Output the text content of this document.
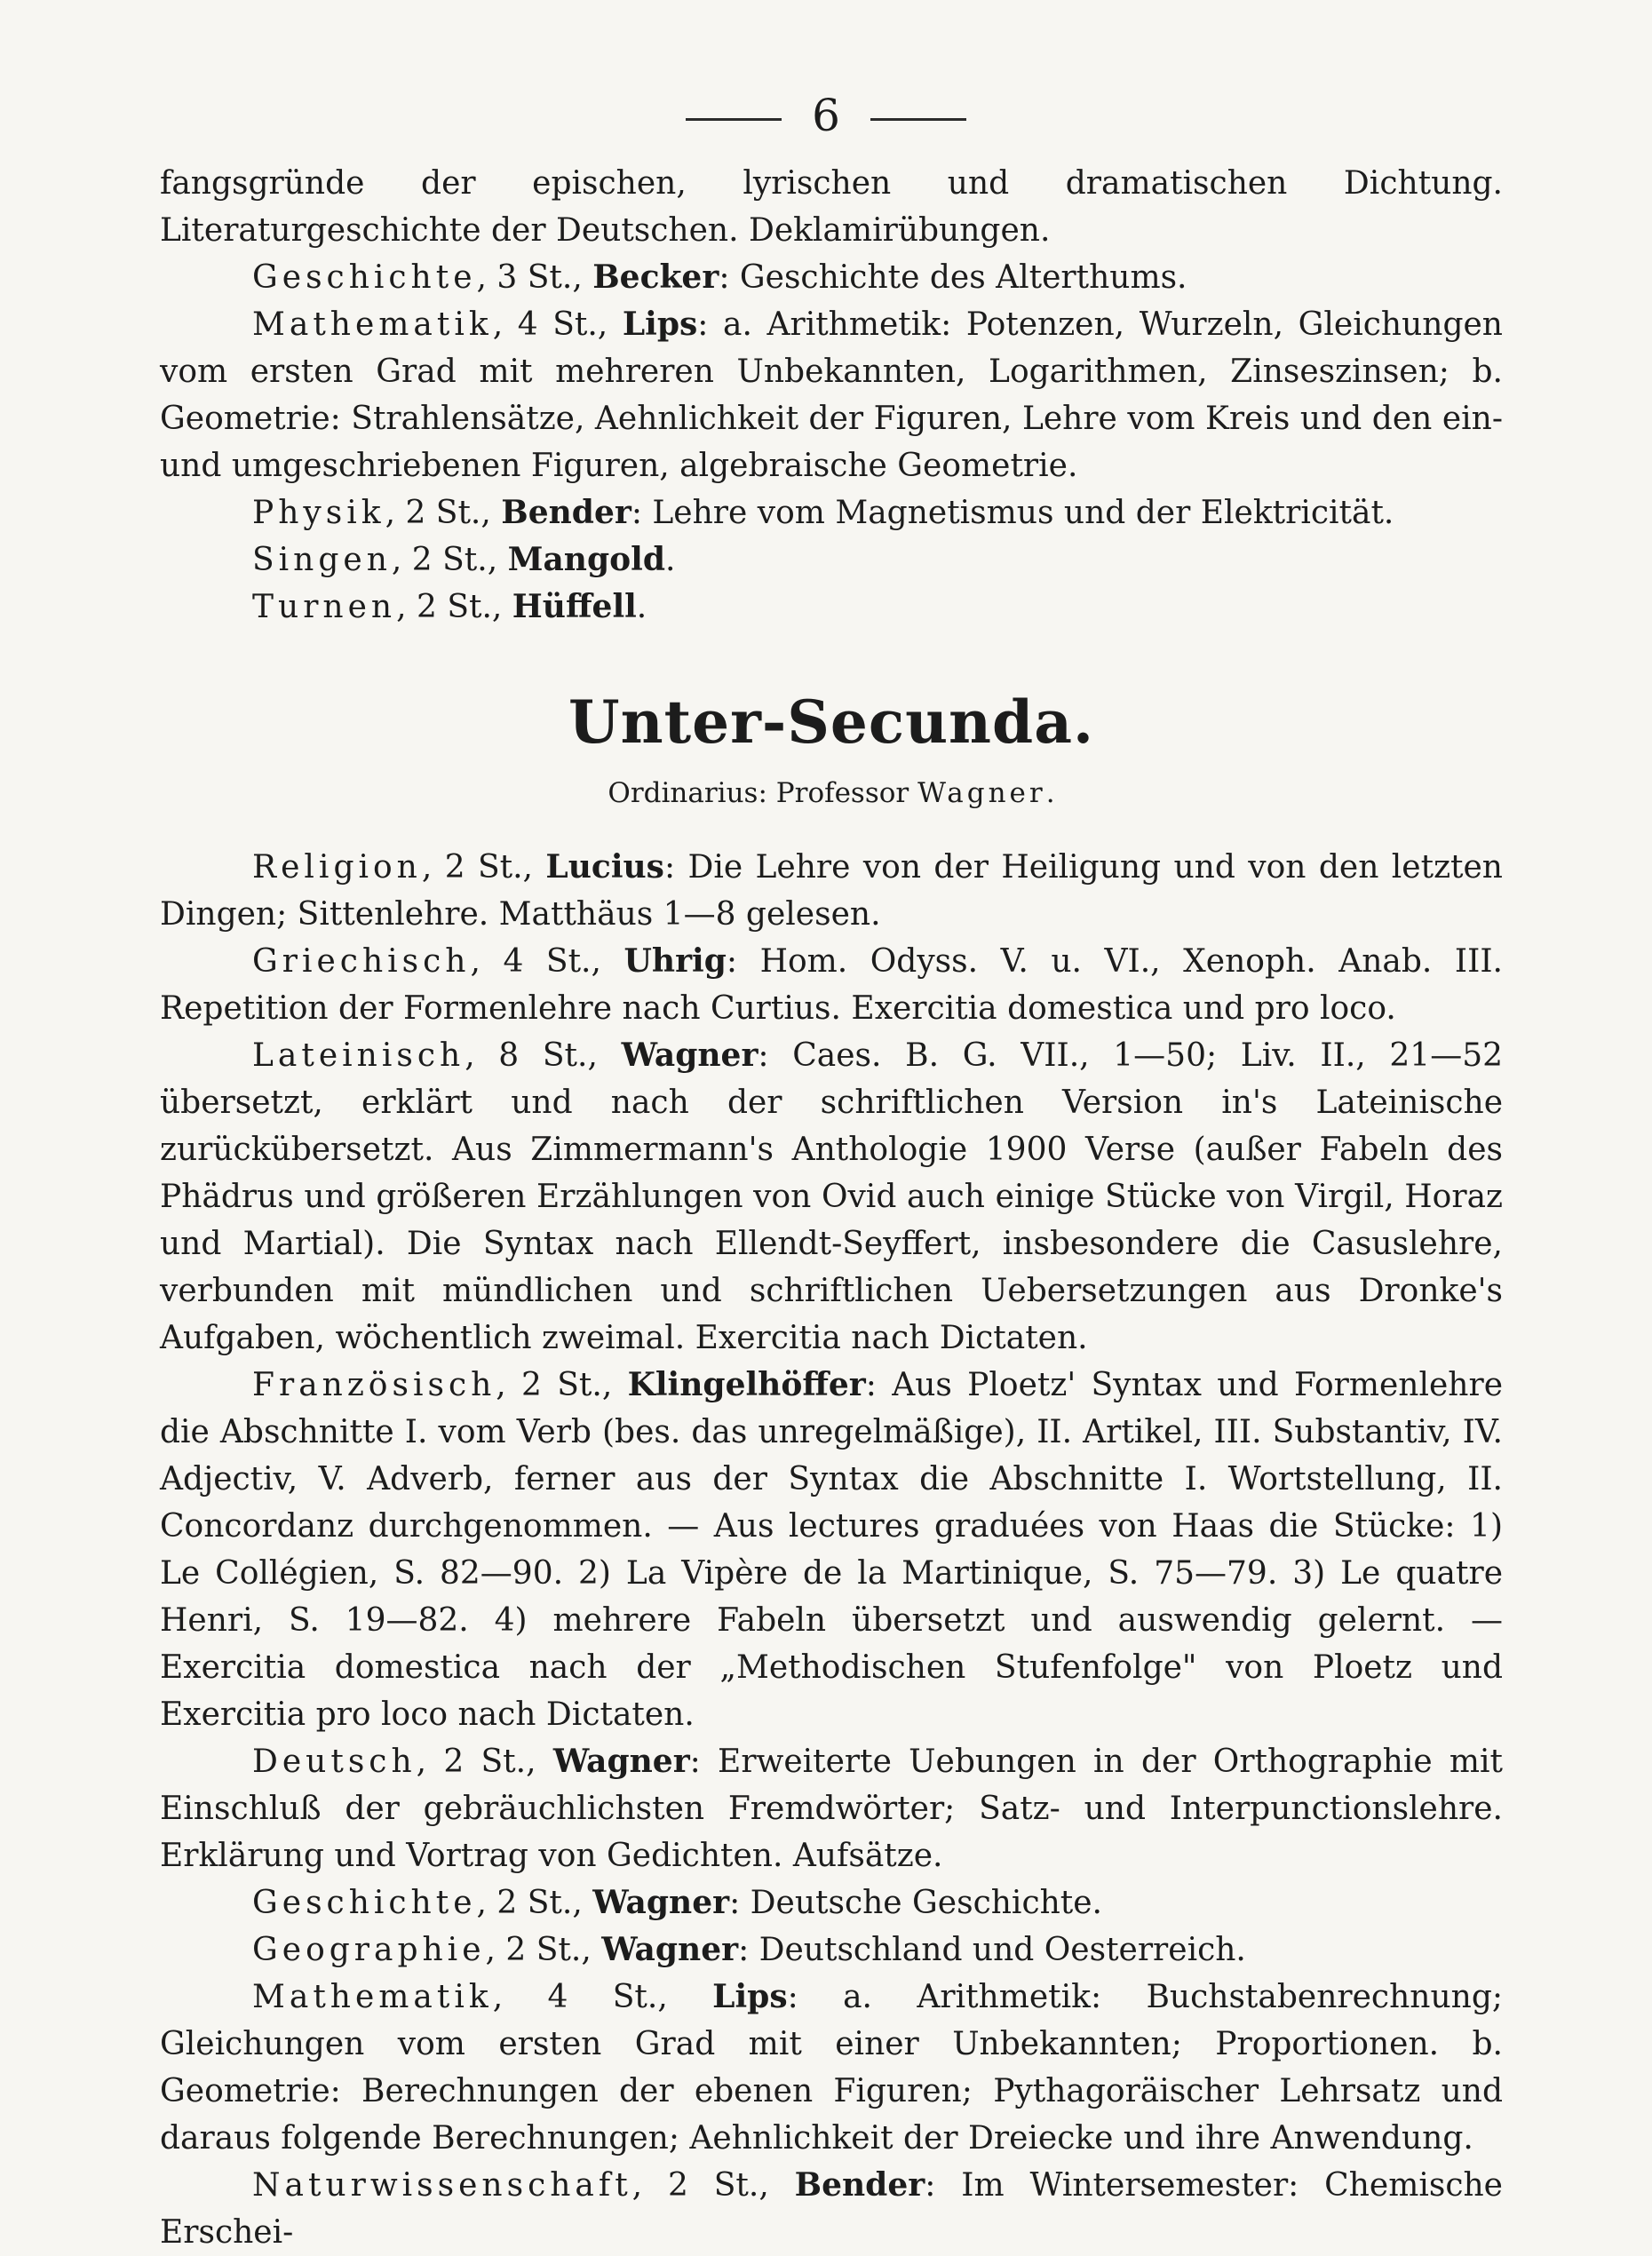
6

fangsgründe der epischen, lyrischen und dramatischen Dichtung. Literaturgeschichte der Deutschen. Deklamirübungen.

Geschichte, 3 St., Becker: Geschichte des Alterthums.

Mathematik, 4 St., Lips: a. Arithmetik: Potenzen, Wurzeln, Gleichungen vom ersten Grad mit mehreren Unbekannten, Logarithmen, Zinseszinsen; b. Geometrie: Strahlensätze, Aehnlichkeit der Figuren, Lehre vom Kreis und den ein- und umgeschriebenen Figuren, algebraische Geometrie.

Physik, 2 St., Bender: Lehre vom Magnetismus und der Elektricität.

Singen, 2 St., Mangold.

Turnen, 2 St., Hüffell.

Unter-Secunda.
Ordinarius: Professor Wagner.

Religion, 2 St., Lucius: Die Lehre von der Heiligung und von den letzten Dingen; Sittenlehre. Matthäus 1—8 gelesen.

Griechisch, 4 St., Uhrig: Hom. Odyss. V. u. VI., Xenoph. Anab. III. Repetition der Formenlehre nach Curtius. Exercitia domestica und pro loco.

Lateinisch, 8 St., Wagner: Caes. B. G. VII., 1—50; Liv. II., 21—52 übersetzt, erklärt und nach der schriftlichen Version in's Lateinische zurückübersetzt. Aus Zimmermann's Anthologie 1900 Verse (außer Fabeln des Phädrus und größeren Erzählungen von Ovid auch einige Stücke von Virgil, Horaz und Martial). Die Syntax nach Ellendt-Seyffert, insbesondere die Casuslehre, verbunden mit mündlichen und schriftlichen Uebersetzungen aus Dronke's Aufgaben, wöchentlich zweimal. Exercitia nach Dictaten.

Französisch, 2 St., Klingelhöffer: Aus Ploetz' Syntax und Formenlehre die Abschnitte I. vom Verb (bes. das unregelmäßige), II. Artikel, III. Substantiv, IV. Adjectiv, V. Adverb, ferner aus der Syntax die Abschnitte I. Wortstellung, II. Concordanz durchgenommen. — Aus lectures graduées von Haas die Stücke: 1) Le Collégien, S. 82—90. 2) La Vipère de la Martinique, S. 75—79. 3) Le quatre Henri, S. 19—82. 4) mehrere Fabeln übersetzt und auswendig gelernt. — Exercitia domestica nach der „Methodischen Stufenfolge" von Ploetz und Exercitia pro loco nach Dictaten.

Deutsch, 2 St., Wagner: Erweiterte Uebungen in der Orthographie mit Einschluß der gebräuchlichsten Fremdwörter; Satz- und Interpunctionslehre. Erklärung und Vortrag von Gedichten. Aufsätze.

Geschichte, 2 St., Wagner: Deutsche Geschichte.

Geographie, 2 St., Wagner: Deutschland und Oesterreich.

Mathematik, 4 St., Lips: a. Arithmetik: Buchstabenrechnung; Gleichungen vom ersten Grad mit einer Unbekannten; Proportionen. b. Geometrie: Berechnungen der ebenen Figuren; Pythagoräischer Lehrsatz und daraus folgende Berechnungen; Aehnlichkeit der Dreiecke und ihre Anwendung.

Naturwissenschaft, 2 St., Bender: Im Wintersemester: Chemische Erschei-
